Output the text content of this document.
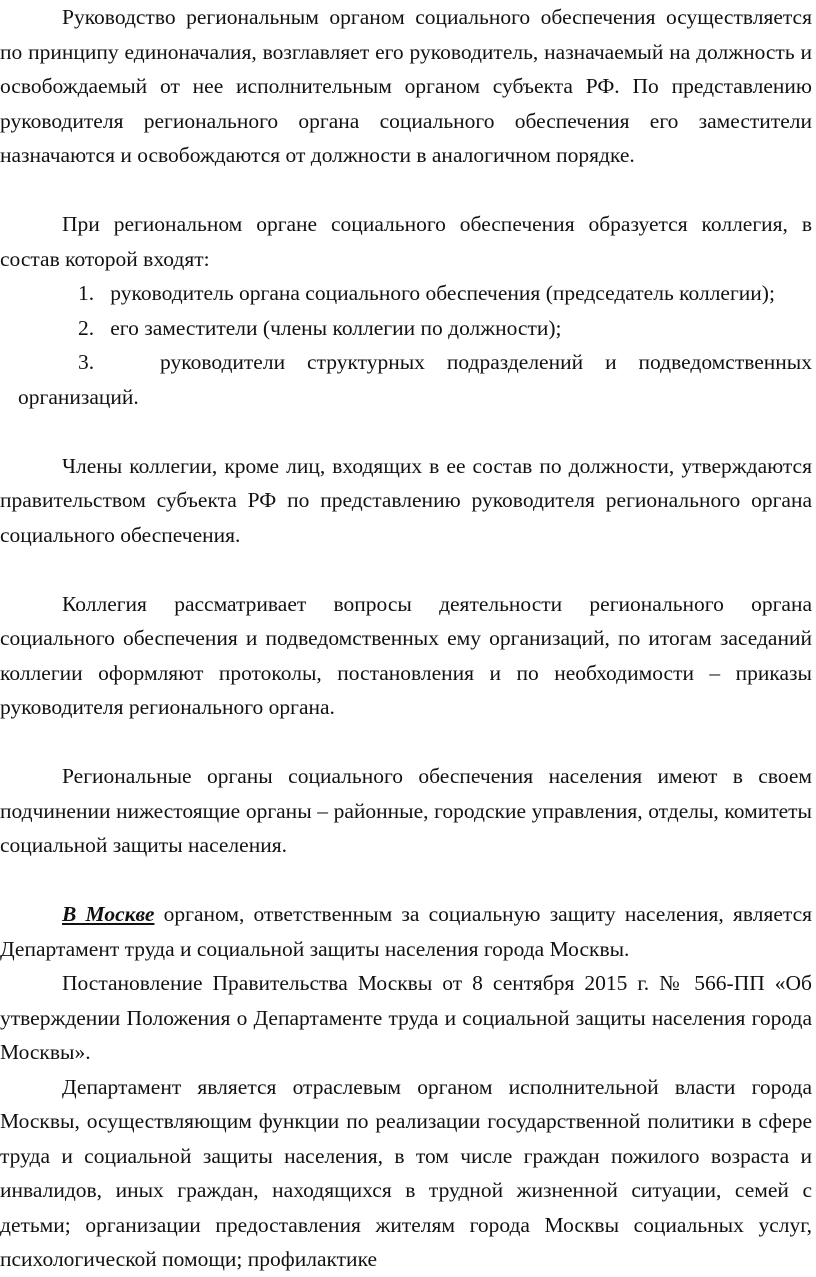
Руководство региональным органом социального обеспечения осуществляется по принципу единоначалия, возглавляет его руководитель, назначаемый на должность и освобождаемый от нее исполнительным органом субъекта РФ. По представлению руководителя регионального органа социального обеспечения его заместители назначаются и освобождаются от должности в аналогичном порядке.

При региональном органе социального обеспечения образуется коллегия, в состав которой входят:

1. руководитель органа социального обеспечения (председатель коллегии);
2. его заместители (члены коллегии по должности);
3.	руководители структурных подразделений и подведомственных организаций.

Члены коллегии, кроме лиц, входящих в ее состав по должности, утверждаются правительством субъекта РФ по представлению руководителя регионального органа социального обеспечения.

Коллегия рассматривает вопросы деятельности регионального органа социального обеспечения и подведомственных ему организаций, по итогам заседаний коллегии оформляют протоколы, постановления и по необходимости – приказы руководителя регионального органа.

Региональные органы социального обеспечения населения имеют в своем подчинении нижестоящие органы – районные, городские управления, отделы, комитеты социальной защиты населения.

В Москве органом, ответственным за социальную защиту населения, является Департамент труда и социальной защиты населения города Москвы.

Постановление Правительства Москвы от 8 сентября 2015 г. № 566-ПП «Об утверждении Положения о Департаменте труда и социальной защиты населения города Москвы».

Департамент является отраслевым органом исполнительной власти города Москвы, осуществляющим функции по реализации государственной политики в сфере труда и социальной защиты населения, в том числе граждан пожилого возраста и инвалидов, иных граждан, находящихся в трудной жизненной ситуации, семей с детьми; организации предоставления жителям города Москвы социальных услуг, психологической помощи; профилактике
